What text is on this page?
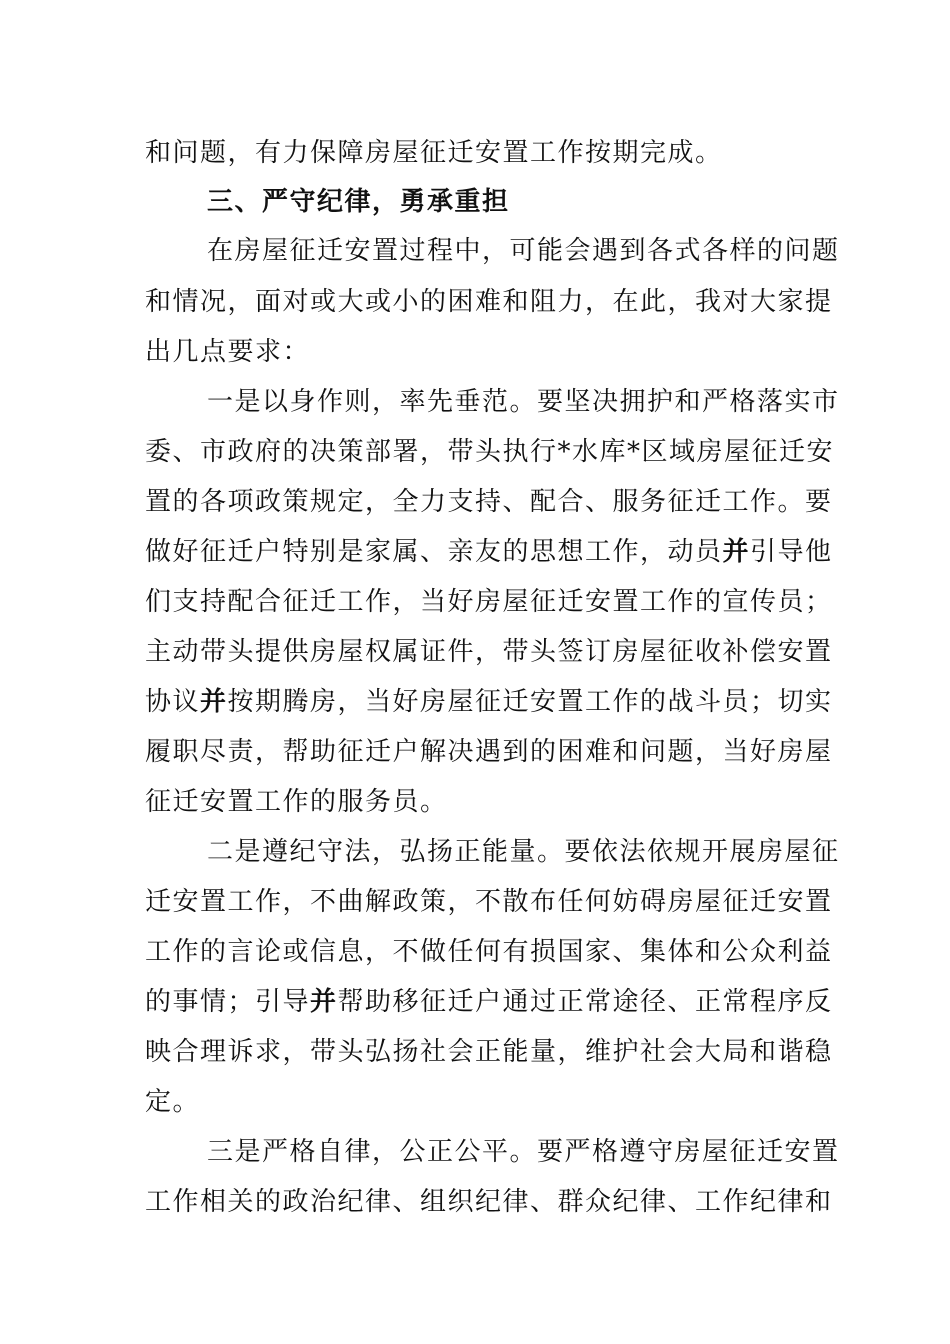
和问题，有力保障房屋征迁安置工作按期完成。

三、严守纪律，勇承重担

在房屋征迁安置过程中，可能会遇到各式各样的问题

和情况，面对或大或小的困难和阻力，在此，我对大家提

出几点要求：

一是以身作则，率先垂范。要坚决拥护和严格落实市

委、市政府的决策部署，带头执行*水库*区域房屋征迁安

置的各项政策规定，全力支持、配合、服务征迁工作。要

做好征迁户特别是家属、亲友的思想工作，动员并引导他

们支持配合征迁工作，当好房屋征迁安置工作的宣传员；

主动带头提供房屋权属证件，带头签订房屋征收补偿安置

协议并按期腾房，当好房屋征迁安置工作的战斗员；切实

履职尽责，帮助征迁户解决遇到的困难和问题，当好房屋

征迁安置工作的服务员。

二是遵纪守法，弘扬正能量。要依法依规开展房屋征

迁安置工作，不曲解政策，不散布任何妨碍房屋征迁安置

工作的言论或信息，不做任何有损国家、集体和公众利益

的事情；引导并帮助移征迁户通过正常途径、正常程序反

映合理诉求，带头弘扬社会正能量，维护社会大局和谐稳

定。

三是严格自律，公正公平。要严格遵守房屋征迁安置

工作相关的政治纪律、组织纪律、群众纪律、工作纪律和
